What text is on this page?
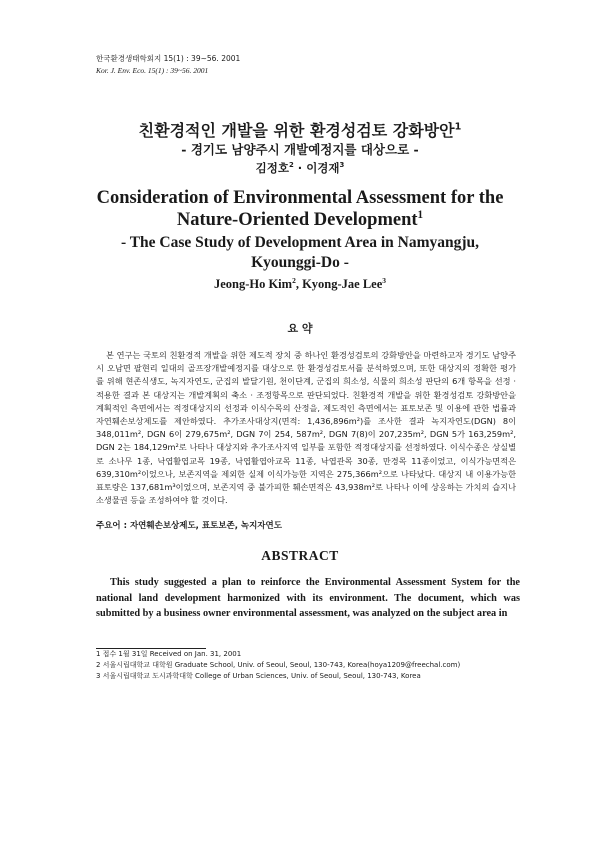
한국환경생태학회지 15(1) : 39~56. 2001
Kor. J. Env. Eco. 15(1) : 39~56. 2001
친환경적인 개발을 위한 환경성검토 강화방안$^1$
- 경기도 남양주시 개발예정지를 대상으로 -
김정호$^2$ · 이경재$^3$
Consideration of Environmental Assessment for the
Nature-Oriented Development$^1$
- The Case Study of Development Area in Namyangju,
Kyounggi-Do -
Jeong-Ho Kim$^2$, Kyong-Jae Lee$^3$
요 약

본 연구는 국토의 친환경적 개발을 위한 제도적 장치 중 하나인 환경성검토의 강화방안을 마련하고자 경기도 남양주시 오남면 팔현리 일대의 골프장개발예정지를 대상으로 한 환경성검토서를 분석하였으며, 또한 대상지의 정확한 평가를 위해 현존식생도, 녹지자연도, 군집의 발달기원, 천이단계, 군집의 희소성, 식물의 희소성 판단의 6개 항목을 선정 · 적용한 결과 본 대상지는 개발계획의 축소 · 조정항목으로 판단되었다. 친환경적 개발을 위한 환경성검토 강화방안을 계획적인 측면에서는 적정대상지의 선정과 이식수목의 산정을, 제도적인 측면에서는 표토보존 및 이용에 관한 법률과 자연훼손보상제도를 제안하였다. 추가조사대상지(면적: 1,436,896m²)를 조사한 결과 녹지자연도(DGN) 8이 348,011m², DGN 6이 279,675m², DGN 7이 254, 587m², DGN 7(8)이 207,235m², DGN 5가 163,259m², DGN 2는 184,129m²로 나타나 대상지와 추가조사지역 일부를 포함한 적정대상지를 선정하였다. 이식수종은 상실별로 소나무 1종, 낙엽활엽교목 19종, 낙엽활엽아교목 11종, 낙엽관목 30종, 만경목 11종이었고, 이식가능면적은 639,310m²이었으나, 보존지역을 제외한 실제 이식가능한 지역은 275,366m²으로 나타났다. 대상지 내 이용가능한 표토량은 137,681m³이었으며, 보존지역 중 불가피한 훼손면적은 43,938m²로 나타나 이에 상응하는 가치의 습지나 소생물권 등을 조성하여야 할 것이다.

주요어 : 자연훼손보상제도, 표토보존, 녹지자연도
ABSTRACT

This study suggested a plan to reinforce the Environmental Assessment System for the national land development harmonized with its environment. The document, which was submitted by a business owner environmental assessment, was analyzed on the subject area in

1 접수 1월 31일 Received on Jan. 31, 2001
2 서울시립대학교 대학원 Graduate School, Univ. of Seoul, Seoul, 130-743, Korea(hoya1209@freechal.com)
3 서울시립대학교 도시과학대학 College of Urban Sciences, Univ. of Seoul, Seoul, 130-743, Korea
